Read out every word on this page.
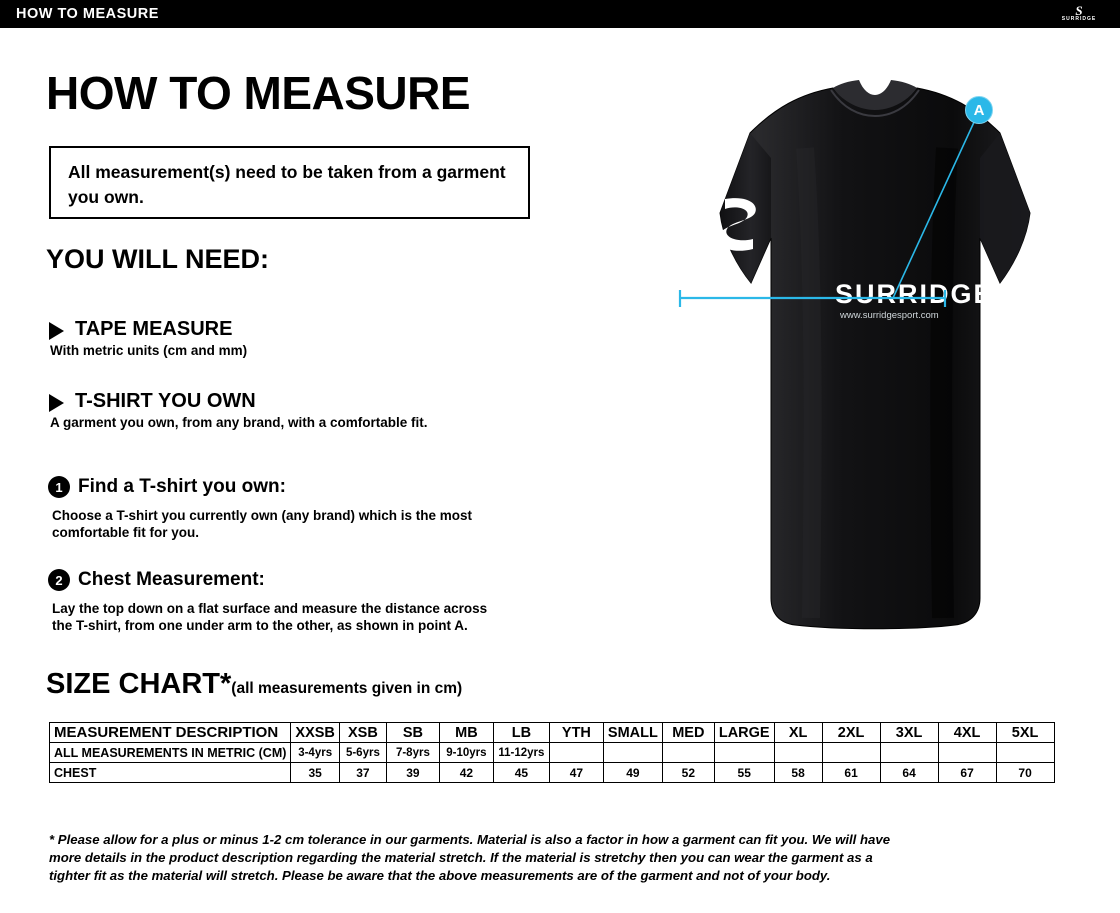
HOW TO MEASURE	S
SURRIDGE
HOW TO MEASURE
All measurement(s) need to be taken from a garment you own.
YOU WILL NEED:
TAPE MEASURE
With metric units (cm and mm)
T-SHIRT YOU OWN
A garment you own, from any brand, with a comfortable fit.
1 Find a T-shirt you own:
Choose a T-shirt you currently own (any brand) which is the most
comfortable fit for you.
2 Chest Measurement:
Lay the top down on a flat surface and measure the distance across
the T-shirt, from one under arm to the other, as shown in point A.
SURRIDGE
www.surridgesport.com
A
SIZE CHART*(all measurements given in cm)
MEASUREMENT DESCRIPTION	XXSB	XSB	SB	MB	LB	YTH	SMALL	MED	LARGE	XL	2XL	3XL	4XL	5XL
ALL MEASUREMENTS IN METRIC (CM)	3-4yrs	5-6yrs	7-8yrs	9-10yrs	11-12yrs									
CHEST	35	37	39	42	45	47	49	52	55	58	61	64	67	70
* Please allow for a plus or minus 1-2 cm tolerance in our garments. Material is also a factor in how a garment can fit you. We will have
more details in the product description regarding the material stretch. If the material is stretchy then you can wear the garment as a
tighter fit as the material will stretch. Please be aware that the above measurements are of the garment and not of your body.
